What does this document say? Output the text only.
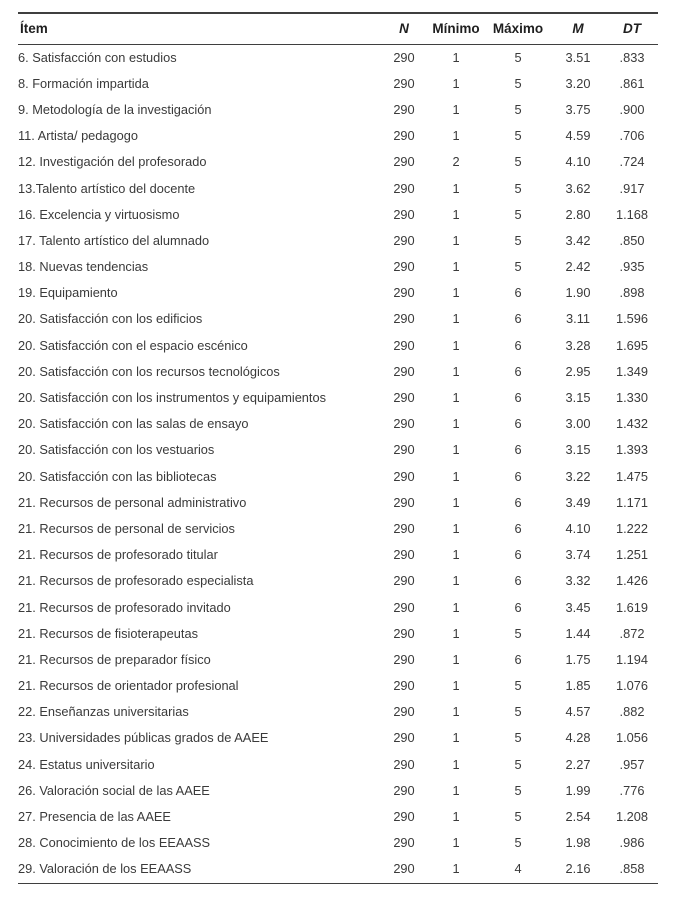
Ítem	N	Mínimo	Máximo	M	DT
6. Satisfacción con estudios	290	1	5	3.51	.833
8. Formación impartida	290	1	5	3.20	.861
9. Metodología de la investigación	290	1	5	3.75	.900
11. Artista/ pedagogo	290	1	5	4.59	.706
12. Investigación del profesorado	290	2	5	4.10	.724
13.Talento artístico del docente	290	1	5	3.62	.917
16. Excelencia y virtuosismo	290	1	5	2.80	1.168
17. Talento artístico del alumnado	290	1	5	3.42	.850
18. Nuevas tendencias	290	1	5	2.42	.935
19. Equipamiento	290	1	6	1.90	.898
20. Satisfacción con los edificios	290	1	6	3.11	1.596
20. Satisfacción con el espacio escénico	290	1	6	3.28	1.695
20. Satisfacción con los recursos tecnológicos	290	1	6	2.95	1.349
20. Satisfacción con los instrumentos y equipamientos	290	1	6	3.15	1.330
20. Satisfacción con las salas de ensayo	290	1	6	3.00	1.432
20. Satisfacción con los vestuarios	290	1	6	3.15	1.393
20. Satisfacción con las bibliotecas	290	1	6	3.22	1.475
21. Recursos de personal administrativo	290	1	6	3.49	1.171
21. Recursos de personal de servicios	290	1	6	4.10	1.222
21. Recursos de profesorado titular	290	1	6	3.74	1.251
21. Recursos de profesorado especialista	290	1	6	3.32	1.426
21. Recursos de profesorado invitado	290	1	6	3.45	1.619
21. Recursos de fisioterapeutas	290	1	5	1.44	.872
21. Recursos de preparador físico	290	1	6	1.75	1.194
21. Recursos de orientador profesional	290	1	5	1.85	1.076
22. Enseñanzas universitarias	290	1	5	4.57	.882
23. Universidades públicas grados de AAEE	290	1	5	4.28	1.056
24. Estatus universitario	290	1	5	2.27	.957
26. Valoración social de las AAEE	290	1	5	1.99	.776
27. Presencia de las AAEE	290	1	5	2.54	1.208
28. Conocimiento de los EEAASS	290	1	5	1.98	.986
29. Valoración de los EEAASS	290	1	4	2.16	.858
